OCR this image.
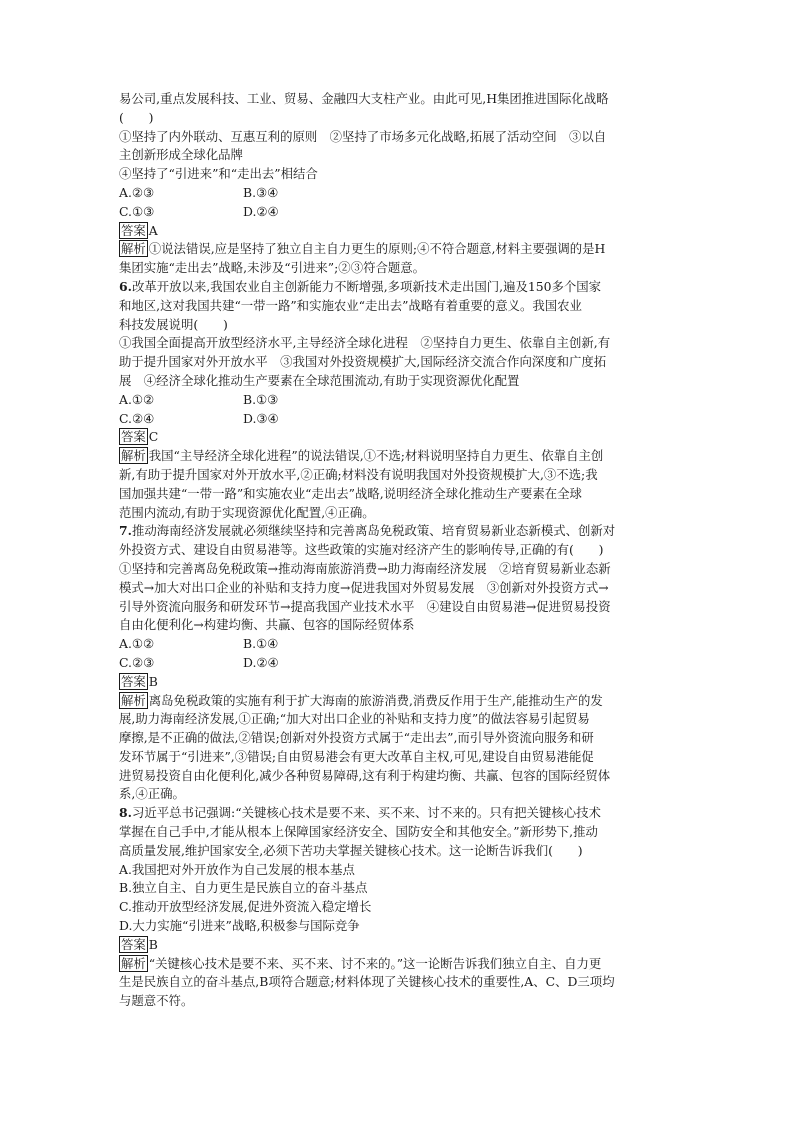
易公司,重点发展科技、工业、贸易、金融四大支柱产业。由此可见,H集团推进国际化战略

(　　)

①坚持了内外联动、互惠互利的原则　②坚持了市场多元化战略,拓展了活动空间　③以自

主创新形成全球化品牌

④坚持了“引进来”和“走出去”相结合

A.②③	B.③④
C.①③	D.②④

答案 A

解析 ①说法错误,应是坚持了独立自主自力更生的原则;④不符合题意,材料主要强调的是H

集团实施“走出去”战略,未涉及“引进来”;②③符合题意。

6.改革开放以来,我国农业自主创新能力不断增强,多项新技术走出国门,遍及150多个国家

和地区,这对我国共建“一带一路”和实施农业“走出去”战略有着重要的意义。我国农业

科技发展说明(　　)

①我国全面提高开放型经济水平,主导经济全球化进程　②坚持自力更生、依靠自主创新,有

助于提升国家对外开放水平　③我国对外投资规模扩大,国际经济交流合作向深度和广度拓

展　④经济全球化推动生产要素在全球范围流动,有助于实现资源优化配置

A.①②	B.①③
C.②④	D.③④

答案 C

解析 我国“主导经济全球化进程”的说法错误,①不选;材料说明坚持自力更生、依靠自主创

新,有助于提升国家对外开放水平,②正确;材料没有说明我国对外投资规模扩大,③不选;我

国加强共建“一带一路”和实施农业“走出去”战略,说明经济全球化推动生产要素在全球

范围内流动,有助于实现资源优化配置,④正确。

7.推动海南经济发展就必须继续坚持和完善离岛免税政策、培育贸易新业态新模式、创新对

外投资方式、建设自由贸易港等。这些政策的实施对经济产生的影响传导,正确的有(　　)

①坚持和完善离岛免税政策→推动海南旅游消费→助力海南经济发展　②培育贸易新业态新

模式→加大对出口企业的补贴和支持力度→促进我国对外贸易发展　③创新对外投资方式→

引导外资流向服务和研发环节→提高我国产业技术水平　④建设自由贸易港→促进贸易投资

自由化便利化→构建均衡、共赢、包容的国际经贸体系

A.①②	B.①④
C.②③	D.②④

答案 B

解析 离岛免税政策的实施有利于扩大海南的旅游消费,消费反作用于生产,能推动生产的发

展,助力海南经济发展,①正确;“加大对出口企业的补贴和支持力度”的做法容易引起贸易

摩擦,是不正确的做法,②错误;创新对外投资方式属于“走出去”,而引导外资流向服务和研

发环节属于“引进来”,③错误;自由贸易港会有更大改革自主权,可见,建设自由贸易港能促

进贸易投资自由化便利化,减少各种贸易障碍,这有利于构建均衡、共赢、包容的国际经贸体

系,④正确。

8.习近平总书记强调:“关键核心技术是要不来、买不来、讨不来的。只有把关键核心技术

掌握在自己手中,才能从根本上保障国家经济安全、国防安全和其他安全。”新形势下,推动

高质量发展,维护国家安全,必须下苦功夫掌握关键核心技术。这一论断告诉我们(　　)

A.我国把对外开放作为自己发展的根本基点

B.独立自主、自力更生是民族自立的奋斗基点

C.推动开放型经济发展,促进外资流入稳定增长

D.大力实施“引进来”战略,积极参与国际竞争

答案 B

解析 “关键核心技术是要不来、买不来、讨不来的。”这一论断告诉我们独立自主、自力更

生是民族自立的奋斗基点,B项符合题意;材料体现了关键核心技术的重要性,A、C、D三项均

与题意不符。
